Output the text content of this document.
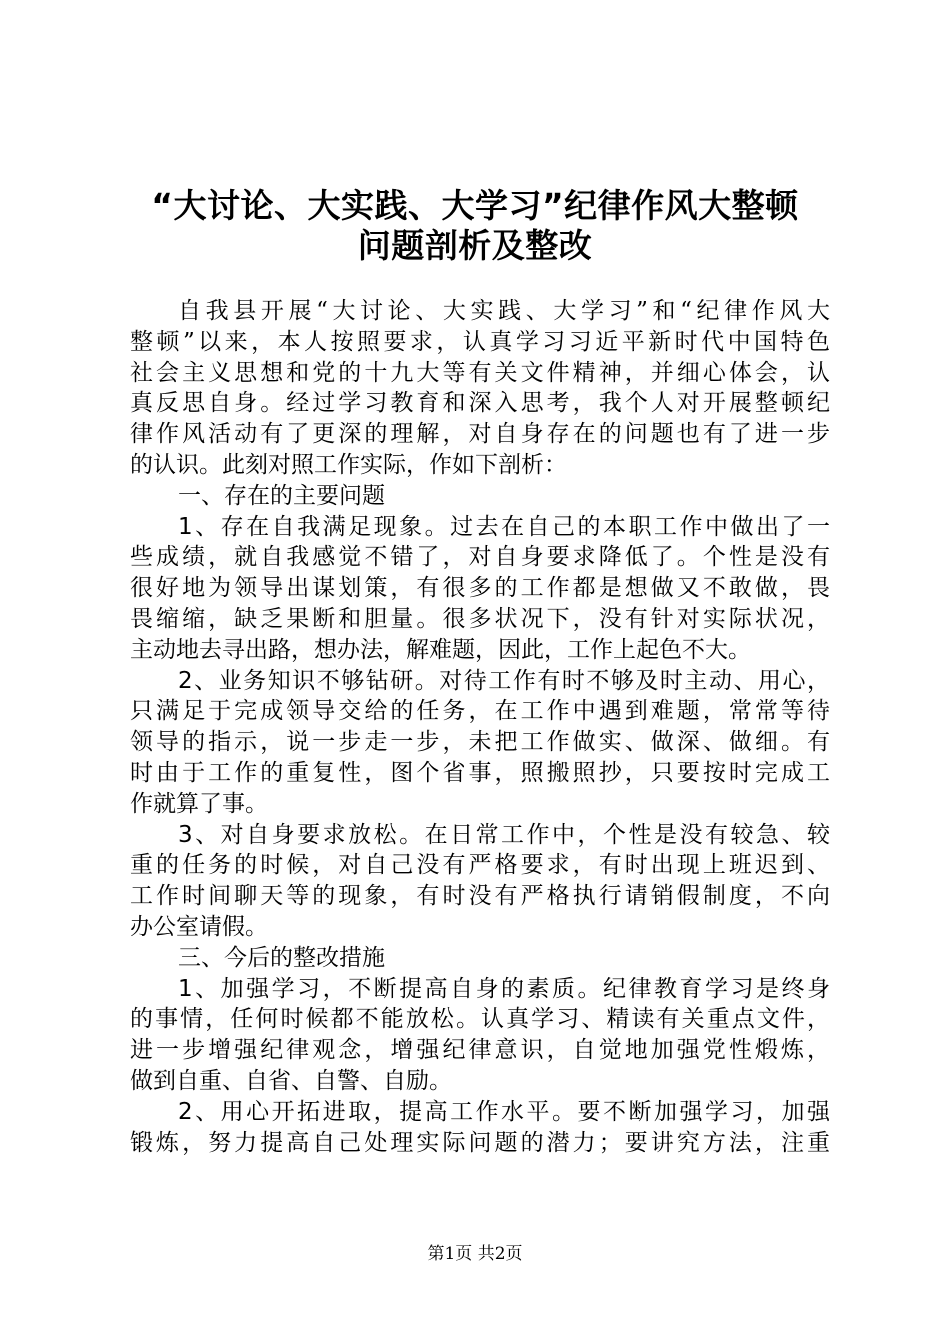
“大讨论、大实践、大学习”纪律作风大整顿
问题剖析及整改
自我县开展“大讨论、大实践、大学习”和“纪律作风大
整顿”以来，本人按照要求，认真学习习近平新时代中国特色
社会主义思想和党的十九大等有关文件精神，并细心体会，认
真反思自身。经过学习教育和深入思考，我个人对开展整顿纪
律作风活动有了更深的理解，对自身存在的问题也有了进一步
的认识。此刻对照工作实际，作如下剖析：
一、存在的主要问题
1、存在自我满足现象。过去在自己的本职工作中做出了一
些成绩，就自我感觉不错了，对自身要求降低了。个性是没有
很好地为领导出谋划策，有很多的工作都是想做又不敢做，畏
畏缩缩，缺乏果断和胆量。很多状况下，没有针对实际状况，
主动地去寻出路，想办法，解难题，因此，工作上起色不大。
2、业务知识不够钻研。对待工作有时不够及时主动、用心，
只满足于完成领导交给的任务，在工作中遇到难题，常常等待
领导的指示，说一步走一步，未把工作做实、做深、做细。有
时由于工作的重复性，图个省事，照搬照抄，只要按时完成工
作就算了事。
3、对自身要求放松。在日常工作中，个性是没有较急、较
重的任务的时候，对自己没有严格要求，有时出现上班迟到、
工作时间聊天等的现象，有时没有严格执行请销假制度，不向
办公室请假。
三、今后的整改措施
1、加强学习，不断提高自身的素质。纪律教育学习是终身
的事情，任何时候都不能放松。认真学习、精读有关重点文件，
进一步增强纪律观念，增强纪律意识，自觉地加强党性煅炼，
做到自重、自省、自警、自励。
2、用心开拓进取，提高工作水平。要不断加强学习，加强
锻炼，努力提高自己处理实际问题的潜力；要讲究方法，注重
第1页 共2页
